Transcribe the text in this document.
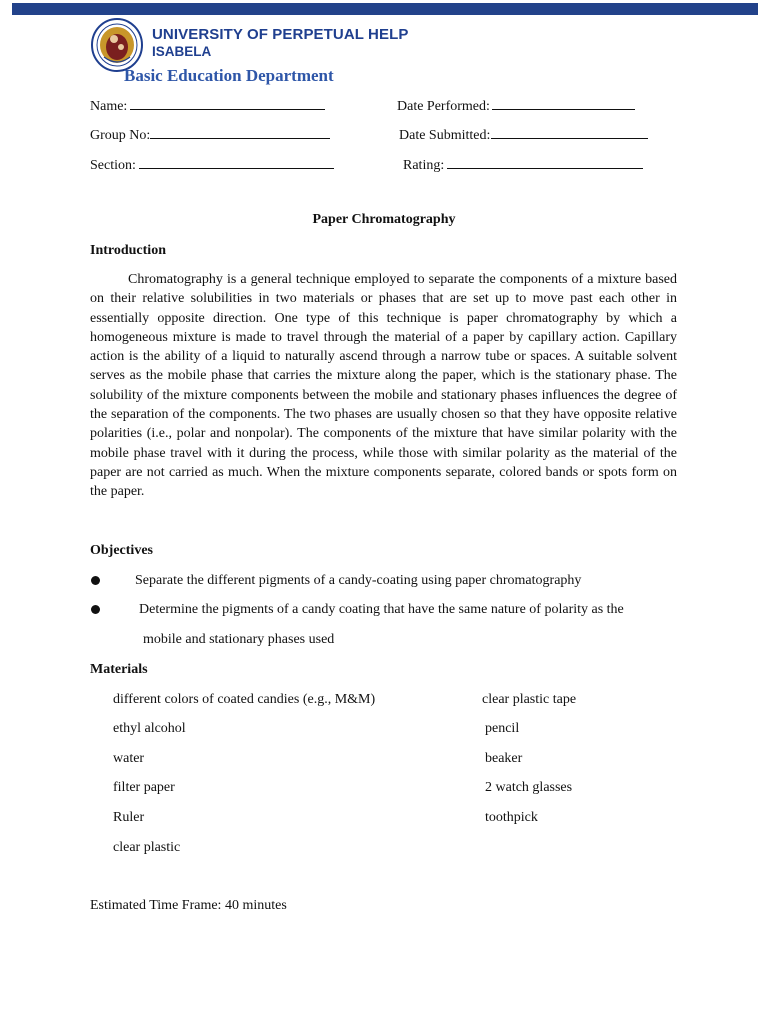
UNIVERSITY OF PERPETUAL HELP
ISABELA
Basic Education Department
Name:
Group No:
Section:
Date Performed:
Date Submitted:
Rating:
Paper Chromatography
Introduction

Chromatography is a general technique employed to separate the components of a mixture based on their relative solubilities in two materials or phases that are set up to move past each other in essentially opposite direction. One type of this technique is paper chromatography by which a homogeneous mixture is made to travel through the material of a paper by capillary action. Capillary action is the ability of a liquid to naturally ascend through a narrow tube or spaces. A suitable solvent serves as the mobile phase that carries the mixture along the paper, which is the stationary phase. The solubility of the mixture components between the mobile and stationary phases influences the degree of the separation of the components. The two phases are usually chosen so that they have opposite relative polarities (i.e., polar and nonpolar). The components of the mixture that have similar polarity with the mobile phase travel with it during the process, while those with similar polarity as the material of the paper are not carried as much. When the mixture components separate, colored bands or spots form on the paper.

Objectives
Separate the different pigments of a candy-coating using paper chromatography
Determine the pigments of a candy coating that have the same nature of polarity as the
mobile and stationary phases used
Materials
different colors of coated candies (e.g., M&M)
ethyl alcohol
water
filter paper
Ruler
clear plastic
clear plastic tape
pencil
beaker
2 watch glasses
toothpick
Estimated Time Frame: 40 minutes
